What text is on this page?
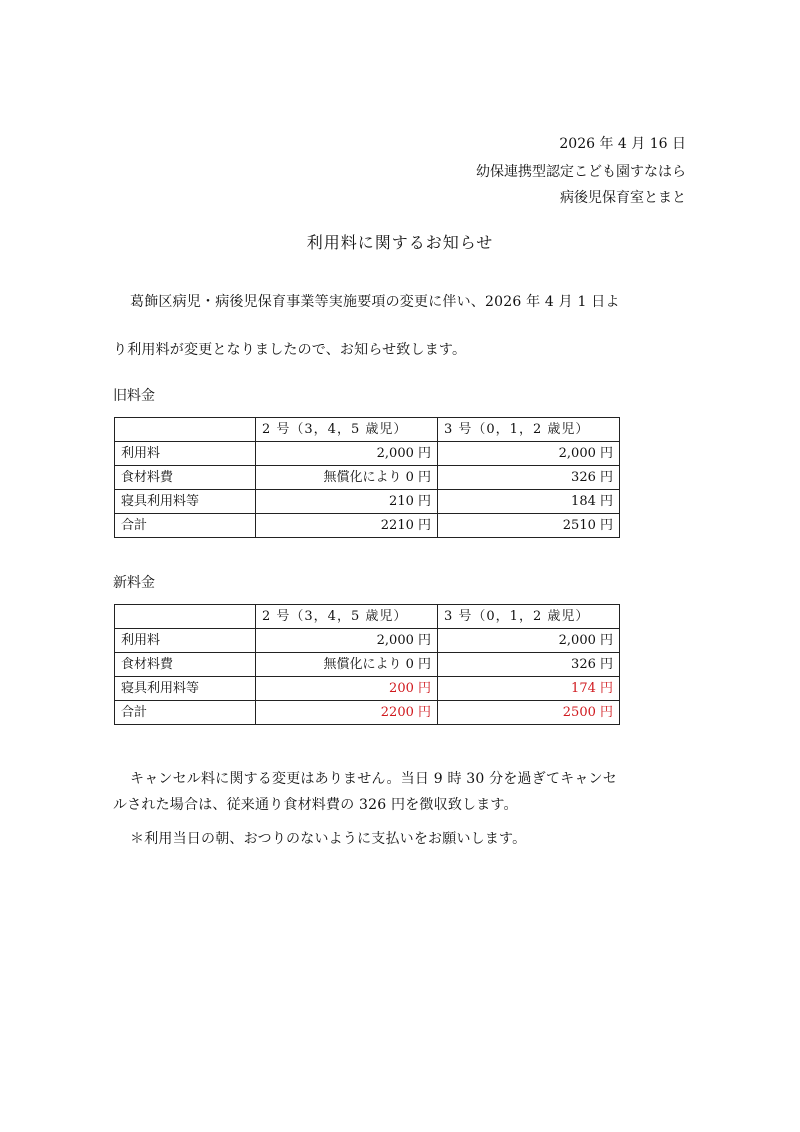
2026 年 4 月 16 日
幼保連携型認定こども園すなはら
病後児保育室とまと
利用料に関するお知らせ
葛飾区病児・病後児保育事業等実施要項の変更に伴い、2026 年 4 月 1 日よ
り利用料が変更となりましたので、お知らせ致します。
旧料金
	2 号（3，4，5 歳児）	3 号（0，1，2 歳児）
利用料	2,000 円	2,000 円
食材料費	無償化により 0 円	326 円
寝具利用料等	210 円	184 円
合計	2210 円	2510 円
新料金
	2 号（3，4，5 歳児）	3 号（0，1，2 歳児）
利用料	2,000 円	2,000 円
食材料費	無償化により 0 円	326 円
寝具利用料等	200 円	174 円
合計	2200 円	2500 円
キャンセル料に関する変更はありません。当日 9 時 30 分を過ぎてキャンセ
ルされた場合は、従来通り食材料費の 326 円を徴収致します。
＊利用当日の朝、おつりのないように支払いをお願いします。
